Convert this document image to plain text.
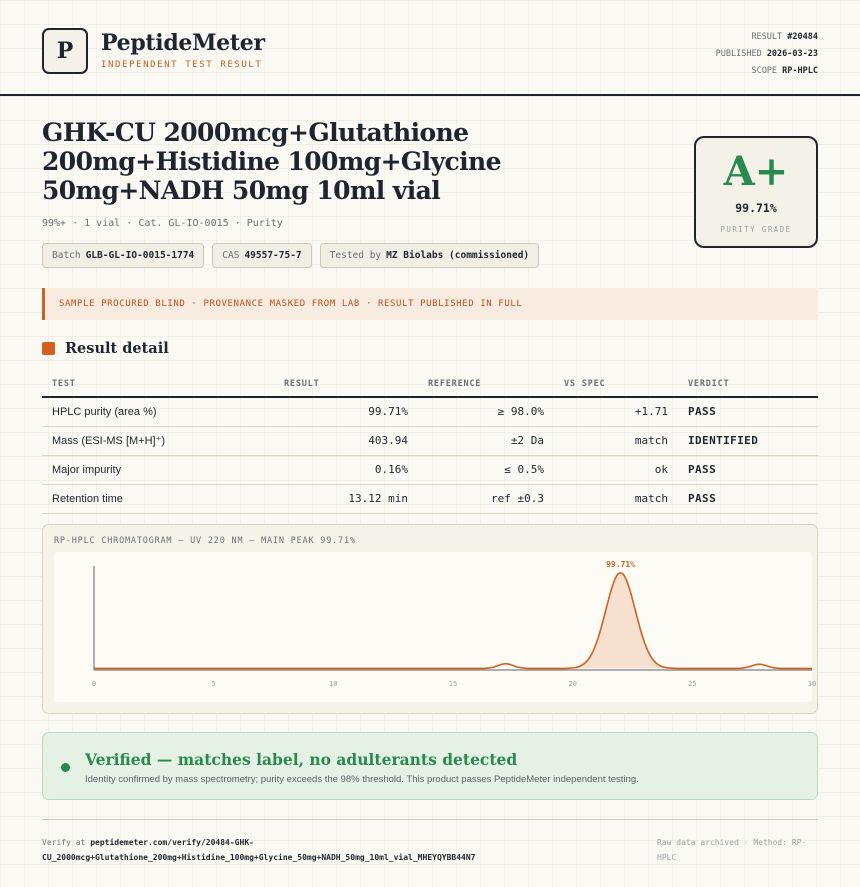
P	PeptideMeter
INDEPENDENT TEST RESULT
RESULT #20484
PUBLISHED 2026-03-23
SCOPE RP-HPLC
GHK-CU 2000mcg+Glutathione 200mg+Histidine 100mg+Glycine 50mg+NADH 50mg 10ml vial
99%+ · 1 vial · Cat. GL-IO-0015 · Purity
Batch GLB-GL-IO-0015-1774	CAS 49557-75-7	Tested by MZ Biolabs (commissioned)
A+
99.71%
PURITY GRADE
SAMPLE PROCURED BLIND · PROVENANCE MASKED FROM LAB · RESULT PUBLISHED IN FULL
Result detail
TEST	RESULT	REFERENCE	VS SPEC	VERDICT
HPLC purity (area %)	99.71%	≥ 98.0%	+1.71	PASS
Mass (ESI-MS [M+H]⁺)	403.94	±2 Da	match	IDENTIFIED
Major impurity	0.16%	≤ 0.5%	ok	PASS
Retention time	13.12 min	ref ±0.3	match	PASS
RP-HPLC CHROMATOGRAM — UV 220 NM — MAIN PEAK 99.71%
0	5	10	15	20	25	30
99.71%
Verified — matches label, no adulterants detected
Identity confirmed by mass spectrometry; purity exceeds the 98% threshold. This product passes PeptideMeter independent testing.
Verify at peptidemeter.com/verify/20484-GHK-
CU_2000mcg+Glutathione_200mg+Histidine_100mg+Glycine_50mg+NADH_50mg_10ml_vial_MHEYQYBB44N7
Raw data archived · Method: RP-HPLC
